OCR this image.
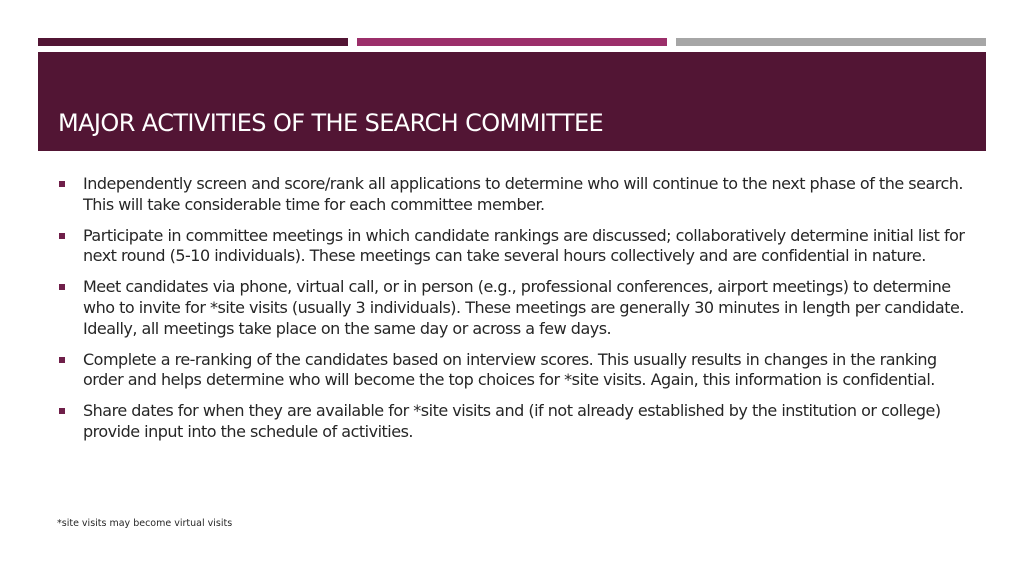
MAJOR ACTIVITIES OF THE SEARCH COMMITTEE
Independently screen and score/rank all applications to determine who will continue to the next phase of the search. This will take considerable time for each committee member.
Participate in committee meetings in which candidate rankings are discussed; collaboratively determine initial list for next round (5-10 individuals). These meetings can take several hours collectively and are confidential in nature.
Meet candidates via phone, virtual call, or in person (e.g., professional conferences, airport meetings) to determine who to invite for *site visits (usually 3 individuals). These meetings are generally 30 minutes in length per candidate. Ideally, all meetings take place on the same day or across a few days.
Complete a re-ranking of the candidates based on interview scores. This usually results in changes in the ranking order and helps determine who will become the top choices for *site visits. Again, this information is confidential.
Share dates for when they are available for *site visits and (if not already established by the institution or college) provide input into the schedule of activities.
*site visits may become virtual visits
